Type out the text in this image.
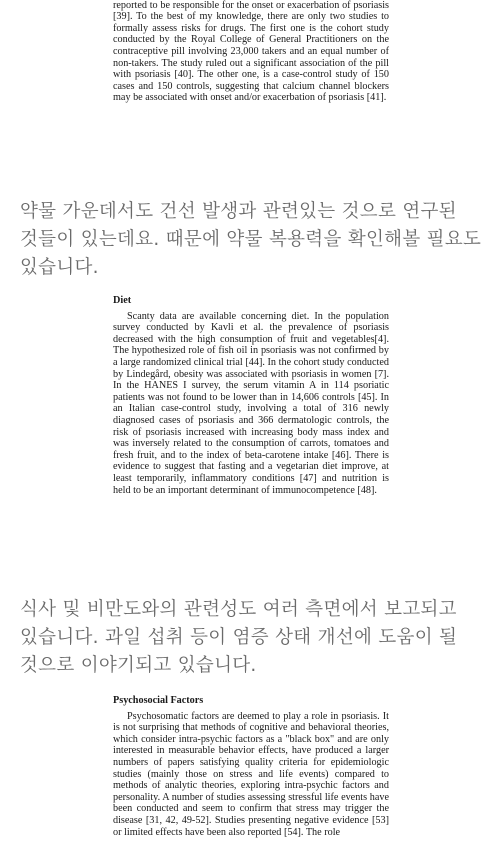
reported to be responsible for the onset or exacerbation of psoriasis [39]. To the best of my knowledge, there are only two studies to formally assess risks for drugs. The first one is the cohort study conducted by the Royal College of General Practitioners on the contraceptive pill involving 23,000 takers and an equal number of non-takers. The study ruled out a significant association of the pill with psoriasis [40]. The other one, is a case-control study of 150 cases and 150 controls, suggesting that calcium channel blockers may be associated with onset and/or exacerbation of psoriasis [41].

약물 가운데서도 건선 발생과 관련있는 것으로 연구된 것들이 있는데요. 때문에 약물 복용력을 확인해볼 필요도 있습니다.

Diet

Scanty data are available concerning diet. In the population survey conducted by Kavli et al. the prevalence of psoriasis decreased with the high consumption of fruit and vegetables[4]. The hypothesized role of fish oil in psoriasis was not confirmed by a large randomized clinical trial [44]. In the cohort study conducted by Lindegård, obesity was associated with psoriasis in women [7]. In the HANES I survey, the serum vitamin A in 114 psoriatic patients was not found to be lower than in 14,606 controls [45]. In an Italian case-control study, involving a total of 316 newly diagnosed cases of psoriasis and 366 dermatologic controls, the risk of psoriasis increased with increasing body mass index and was inversely related to the consumption of carrots, tomatoes and fresh fruit, and to the index of beta-carotene intake [46]. There is evidence to suggest that fasting and a vegetarian diet improve, at least temporarily, inflammatory conditions [47] and nutrition is held to be an important determinant of immunocompetence [48].

식사 및 비만도와의 관련성도 여러 측면에서 보고되고 있습니다. 과일 섭취 등이 염증 상태 개선에 도움이 될 것으로 이야기되고 있습니다.

Psychosocial Factors

Psychosomatic factors are deemed to play a role in psoriasis. It is not surprising that methods of cognitive and behavioral theories, which consider intra-psychic factors as a "black box" and are only interested in measurable behavior effects, have produced a larger numbers of papers satisfying quality criteria for epidemiologic studies (mainly those on stress and life events) compared to methods of analytic theories, exploring intra-psychic factors and personality. A number of studies assessing stressful life events have been conducted and seem to confirm that stress may trigger the disease [31, 42, 49-52]. Studies presenting negative evidence [53] or limited effects have been also reported [54]. The role
